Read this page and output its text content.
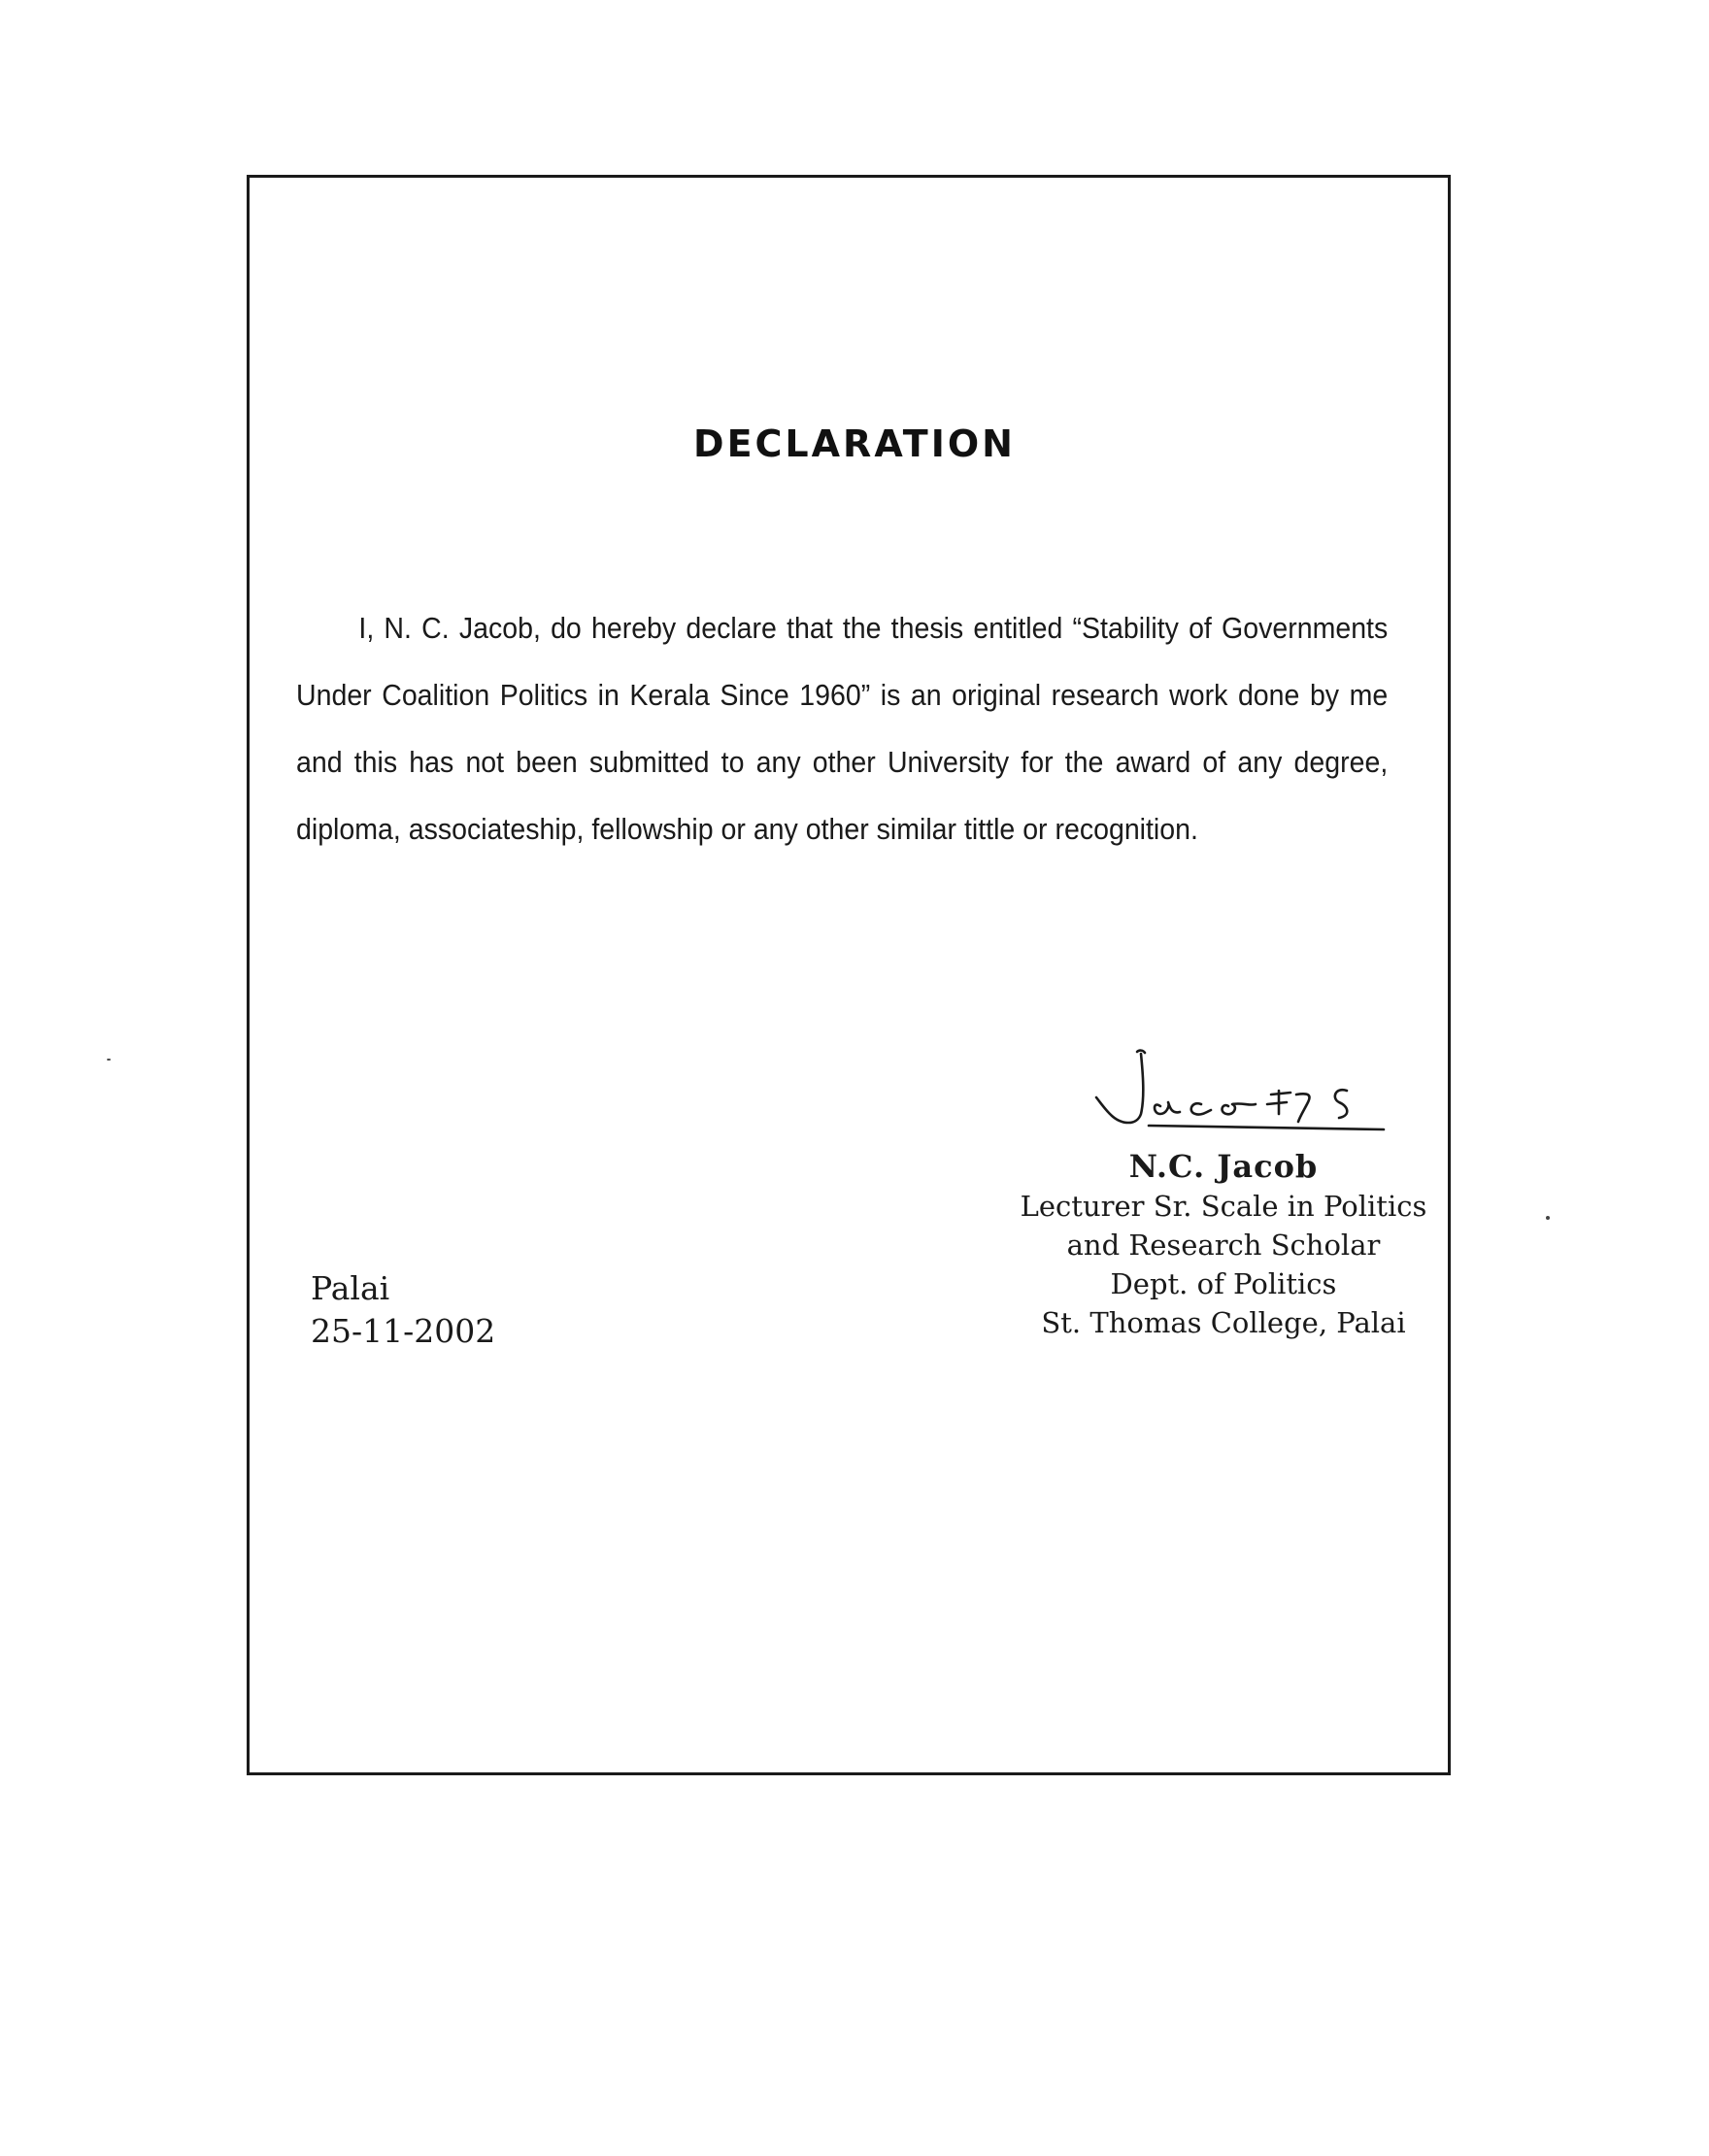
DECLARATION
I, N. C. Jacob, do hereby declare that the thesis entitled “Stability of Governments Under Coalition Politics in Kerala Since 1960” is an original research work done by me and this has not been submitted to any other University for the award of any degree, diploma, associateship, fellowship or any other similar tittle or recognition.
Palai
25-11-2002
N.C. Jacob
Lecturer Sr. Scale in Politics
and Research Scholar
Dept. of Politics
St. Thomas College, Palai
